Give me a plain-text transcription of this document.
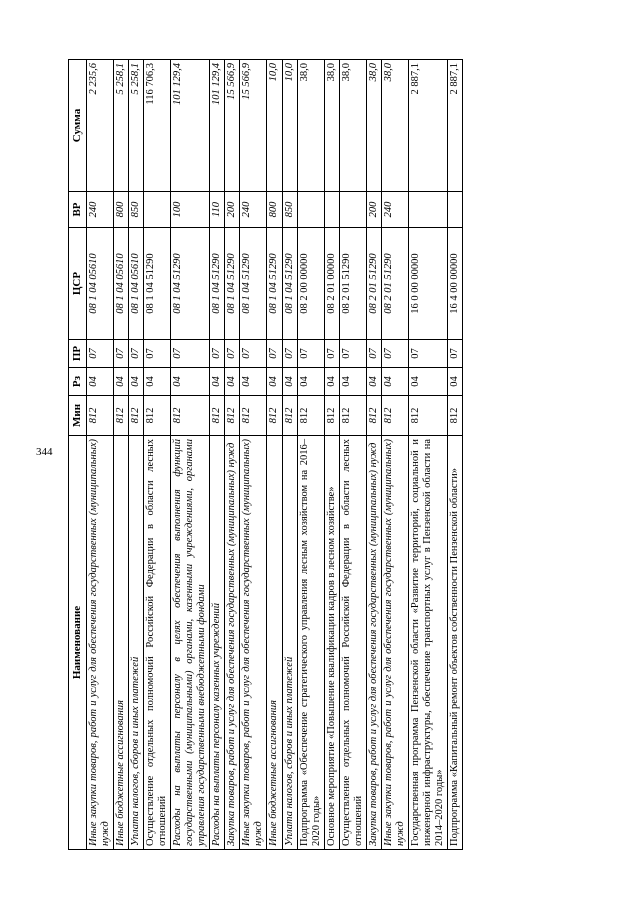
344
Наименование	Мин	Рз	ПР	ЦСР	ВР	Сумма
Иные закупки товаров, работ и услуг для обеспечения государственных (муниципальных) нужд	812	04	07	08 1 04 05610	240	2 235,6
Иные бюджетные ассигнования	812	04	07	08 1 04 05610	800	5 258,1
Уплата налогов, сборов и иных платежей	812	04	07	08 1 04 05610	850	5 258,1
Осуществление отдельных полномочий Российской Федерации в области лесных отношений	812	04	07	08 1 04 51290		116 706,3
Расходы на выплаты персоналу в целях обеспечения выполнения функций государственными (муниципальными) органами, казенными учреждениями, органами управления государственными внебюджетными фондами	812	04	07	08 1 04 51290	100	101 129,4
Расходы на выплаты персоналу казенных учреждений	812	04	07	08 1 04 51290	110	101 129,4
Закупка товаров, работ и услуг для обеспечения государственных (муниципальных) нужд	812	04	07	08 1 04 51290	200	15 566,9
Иные закупки товаров, работ и услуг для обеспечения государственных (муниципальных) нужд	812	04	07	08 1 04 51290	240	15 566,9
Иные бюджетные ассигнования	812	04	07	08 1 04 51290	800	10,0
Уплата налогов, сборов и иных платежей	812	04	07	08 1 04 51290	850	10,0
Подпрограмма «Обеспечение стратегического управления лесным хозяйством на 2016–2020 годы»	812	04	07	08 2 00 00000		38,0
Основное мероприятие «Повышение квалификации кадров в лесном хозяйстве»	812	04	07	08 2 01 00000		38,0
Осуществление отдельных полномочий Российской Федерации в области лесных отношений	812	04	07	08 2 01 51290		38,0
Закупка товаров, работ и услуг для обеспечения государственных (муниципальных) нужд	812	04	07	08 2 01 51290	200	38,0
Иные закупки товаров, работ и услуг для обеспечения государственных (муниципальных) нужд	812	04	07	08 2 01 51290	240	38,0
Государственная программа Пензенской области «Развитие территорий, социальной и инженерной инфраструктуры, обеспечение транспортных услуг в Пензенской области на 2014–2020 годы»	812	04	07	16 0 00 00000		2 887,1
Подпрограмма «Капитальный ремонт объектов собственности Пензенской области»	812	04	07	16 4 00 00000		2 887,1
